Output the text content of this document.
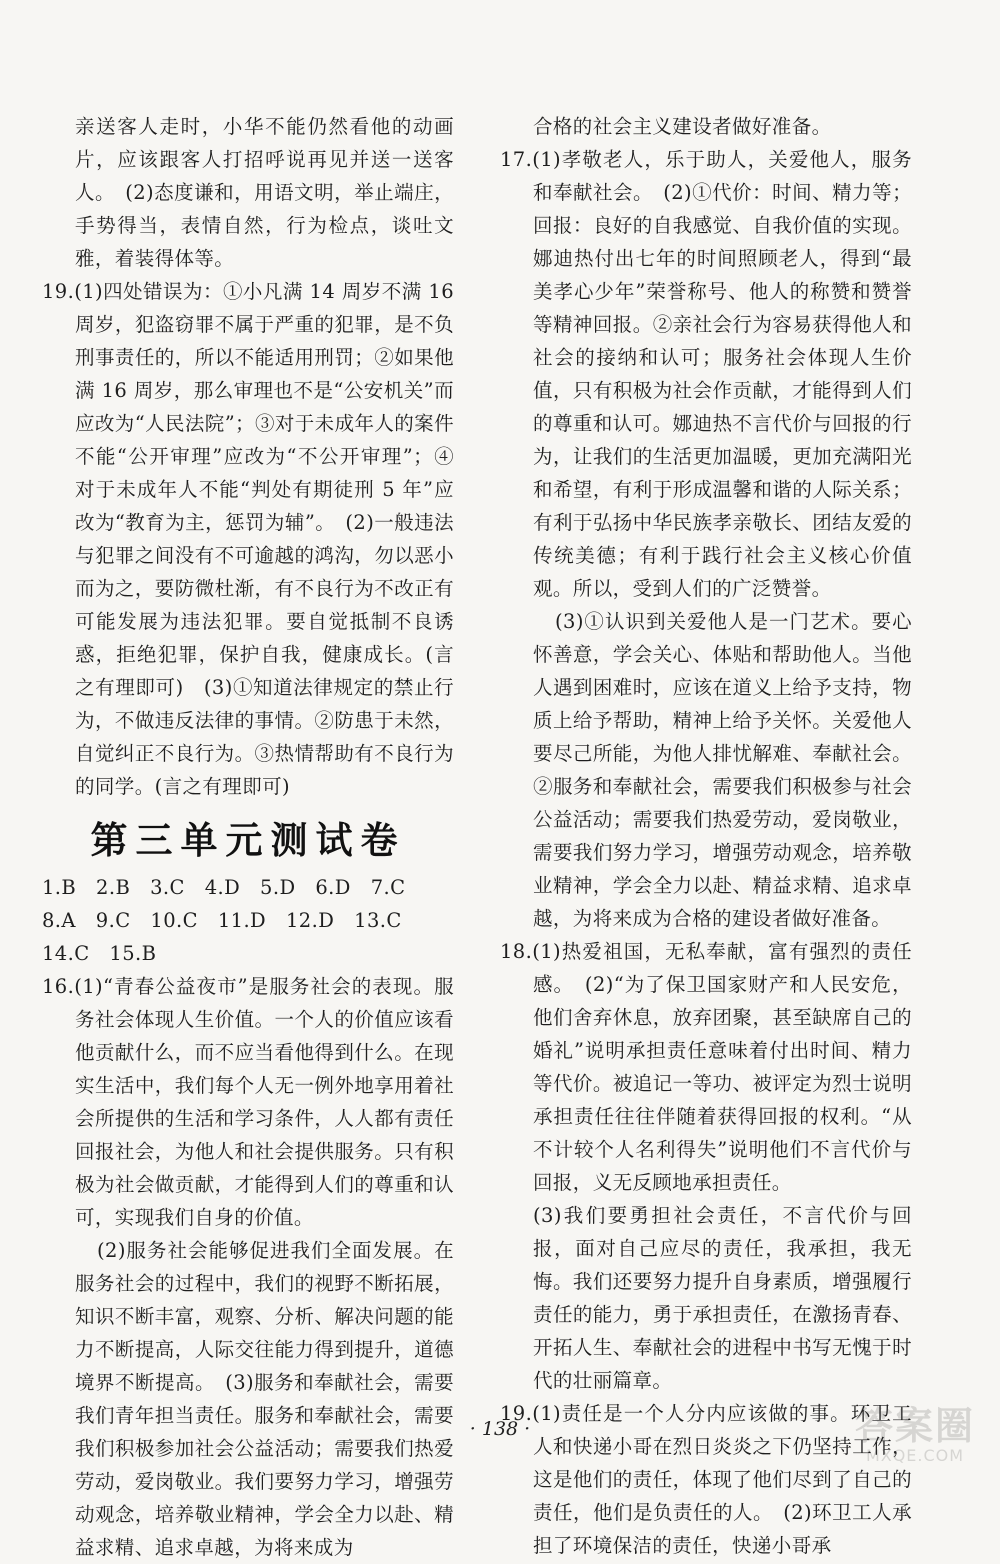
亲送客人走时，小华不能仍然看他的动画片，应该跟客人打招呼说再见并送一送客人。　(2)态度谦和，用语文明，举止端庄，手势得当，表情自然，行为检点，谈吐文雅，着装得体等。

19.(1)四处错误为：①小凡满 14 周岁不满 16 周岁，犯盗窃罪不属于严重的犯罪，是不负刑事责任的，所以不能适用刑罚；②如果他满 16 周岁，那么审理也不是“公安机关”而应改为“人民法院”；③对于未成年人的案件不能“公开审理”应改为“不公开审理”；④对于未成年人不能“判处有期徒刑 5 年”应改为“教育为主，惩罚为辅”。　(2)一般违法与犯罪之间没有不可逾越的鸿沟，勿以恶小而为之，要防微杜渐，有不良行为不改正有可能发展为违法犯罪。要自觉抵制不良诱惑，拒绝犯罪，保护自我，健康成长。(言之有理即可)　(3)①知道法律规定的禁止行为，不做违反法律的事情。②防患于未然，自觉纠正不良行为。③热情帮助有不良行为的同学。(言之有理即可)

第三单元测试卷

1.B　2.B　3.C　4.D　5.D　6.D　7.C

8.A　9.C　10.C　11.D　12.D　13.C

14.C　15.B

16.(1)“青春公益夜市”是服务社会的表现。服务社会体现人生价值。一个人的价值应该看他贡献什么，而不应当看他得到什么。在现实生活中，我们每个人无一例外地享用着社会所提供的生活和学习条件，人人都有责任回报社会，为他人和社会提供服务。只有积极为社会做贡献，才能得到人们的尊重和认可，实现我们自身的价值。

(2)服务社会能够促进我们全面发展。在服务社会的过程中，我们的视野不断拓展，知识不断丰富，观察、分析、解决问题的能力不断提高，人际交往能力得到提升，道德境界不断提高。　(3)服务和奉献社会，需要我们青年担当责任。服务和奉献社会，需要我们积极参加社会公益活动；需要我们热爱劳动，爱岗敬业。我们要努力学习，增强劳动观念，培养敬业精神，学会全力以赴、精益求精、追求卓越，为将来成为

合格的社会主义建设者做好准备。

17.(1)孝敬老人，乐于助人，关爱他人，服务和奉献社会。　(2)①代价：时间、精力等；回报：良好的自我感觉、自我价值的实现。娜迪热付出七年的时间照顾老人，得到“最美孝心少年”荣誉称号、他人的称赞和赞誉等精神回报。②亲社会行为容易获得他人和社会的接纳和认可；服务社会体现人生价值，只有积极为社会作贡献，才能得到人们的尊重和认可。娜迪热不言代价与回报的行为，让我们的生活更加温暖，更加充满阳光和希望，有利于形成温馨和谐的人际关系；有利于弘扬中华民族孝亲敬长、团结友爱的传统美德；有利于践行社会主义核心价值观。所以，受到人们的广泛赞誉。

(3)①认识到关爱他人是一门艺术。要心怀善意，学会关心、体贴和帮助他人。当他人遇到困难时，应该在道义上给予支持，物质上给予帮助，精神上给予关怀。关爱他人要尽己所能，为他人排忧解难、奉献社会。②服务和奉献社会，需要我们积极参与社会公益活动；需要我们热爱劳动，爱岗敬业，需要我们努力学习，增强劳动观念，培养敬业精神，学会全力以赴、精益求精、追求卓越，为将来成为合格的建设者做好准备。

18.(1)热爱祖国，无私奉献，富有强烈的责任感。　(2)“为了保卫国家财产和人民安危，他们舍弃休息，放弃团聚，甚至缺席自己的婚礼”说明承担责任意味着付出时间、精力等代价。被追记一等功、被评定为烈士说明承担责任往往伴随着获得回报的权利。“从不计较个人名利得失”说明他们不言代价与回报，义无反顾地承担责任。

(3)我们要勇担社会责任，不言代价与回报，面对自己应尽的责任，我承担，我无悔。我们还要努力提升自身素质，增强履行责任的能力，勇于承担责任，在激扬青春、开拓人生、奉献社会的进程中书写无愧于时代的壮丽篇章。

19.(1)责任是一个人分内应该做的事。环卫工人和快递小哥在烈日炎炎之下仍坚持工作，这是他们的责任，体现了他们尽到了自己的责任，他们是负责任的人。　(2)环卫工人承担了环境保洁的责任，快递小哥承

· 138 ·	答案圈
MXQE.COM
